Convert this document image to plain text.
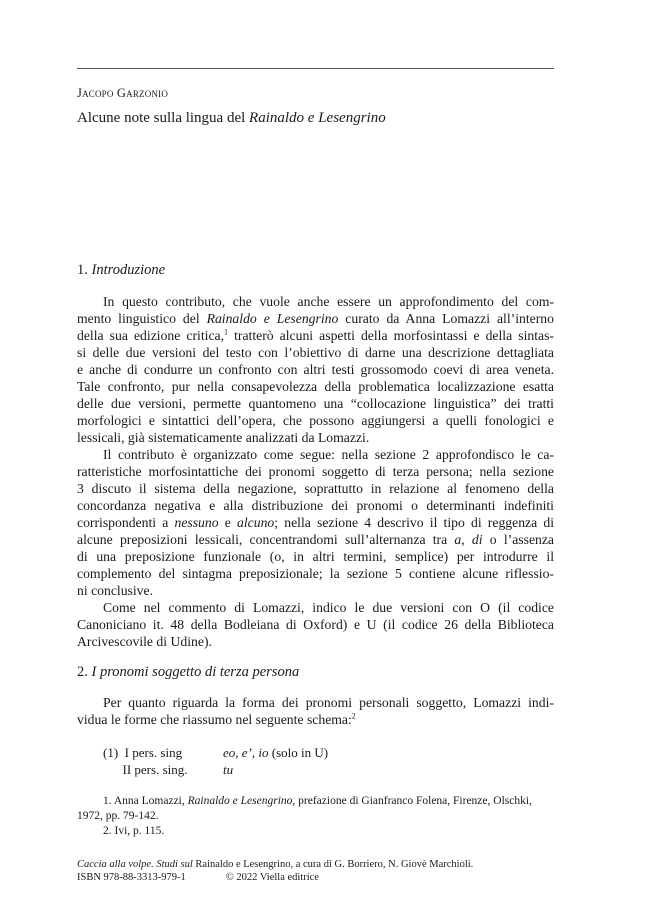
Jacopo Garzonio
Alcune note sulla lingua del Rainaldo e Lesengrino
1. Introduzione
In questo contributo, che vuole anche essere un approfondimento del com-
mento linguistico del Rainaldo e Lesengrino curato da Anna Lomazzi all’interno
della sua edizione critica,$^1$ tratterò alcuni aspetti della morfosintassi e della sintas-
si delle due versioni del testo con l’obiettivo di darne una descrizione dettagliata
e anche di condurre un confronto con altri testi grossomodo coevi di area veneta.
Tale confronto, pur nella consapevolezza della problematica localizzazione esatta
delle due versioni, permette quantomeno una “collocazione linguistica” dei tratti
morfologici e sintattici dell’opera, che possono aggiungersi a quelli fonologici e
lessicali, già sistematicamente analizzati da Lomazzi.
Il contributo è organizzato come segue: nella sezione 2 approfondisco le ca-
ratteristiche morfosintattiche dei pronomi soggetto di terza persona; nella sezione
3 discuto il sistema della negazione, soprattutto in relazione al fenomeno della
concordanza negativa e alla distribuzione dei pronomi o determinanti indefiniti
corrispondenti a nessuno e alcuno; nella sezione 4 descrivo il tipo di reggenza di
alcune preposizioni lessicali, concentrandomi sull’alternanza tra a, di o l’assenza
di una preposizione funzionale (o, in altri termini, semplice) per introdurre il
complemento del sintagma preposizionale; la sezione 5 contiene alcune riflessio-
ni conclusive.
Come nel commento di Lomazzi, indico le due versioni con O (il codice
Canoniciano it. 48 della Bodleiana di Oxford) e U (il codice 26 della Biblioteca
Arcivescovile di Udine).
2. I pronomi soggetto di terza persona
Per quanto riguarda la forma dei pronomi personali soggetto, Lomazzi indi-
vidua le forme che riassumo nel seguente schema:$^2$
(1)  I pers. sing	eo, e’, io (solo in U)
II pers. sing.	tu
1. Anna Lomazzi, Rainaldo e Lesengrino, prefazione di Gianfranco Folena, Firenze, Olschki,
1972, pp. 79-142.
2. Ivi, p. 115.
Caccia alla volpe. Studi sul Rainaldo e Lesengrino, a cura di G. Borriero, N. Giovè Marchioli.
ISBN 978-88-3313-979-1	© 2022 Viella editrice
